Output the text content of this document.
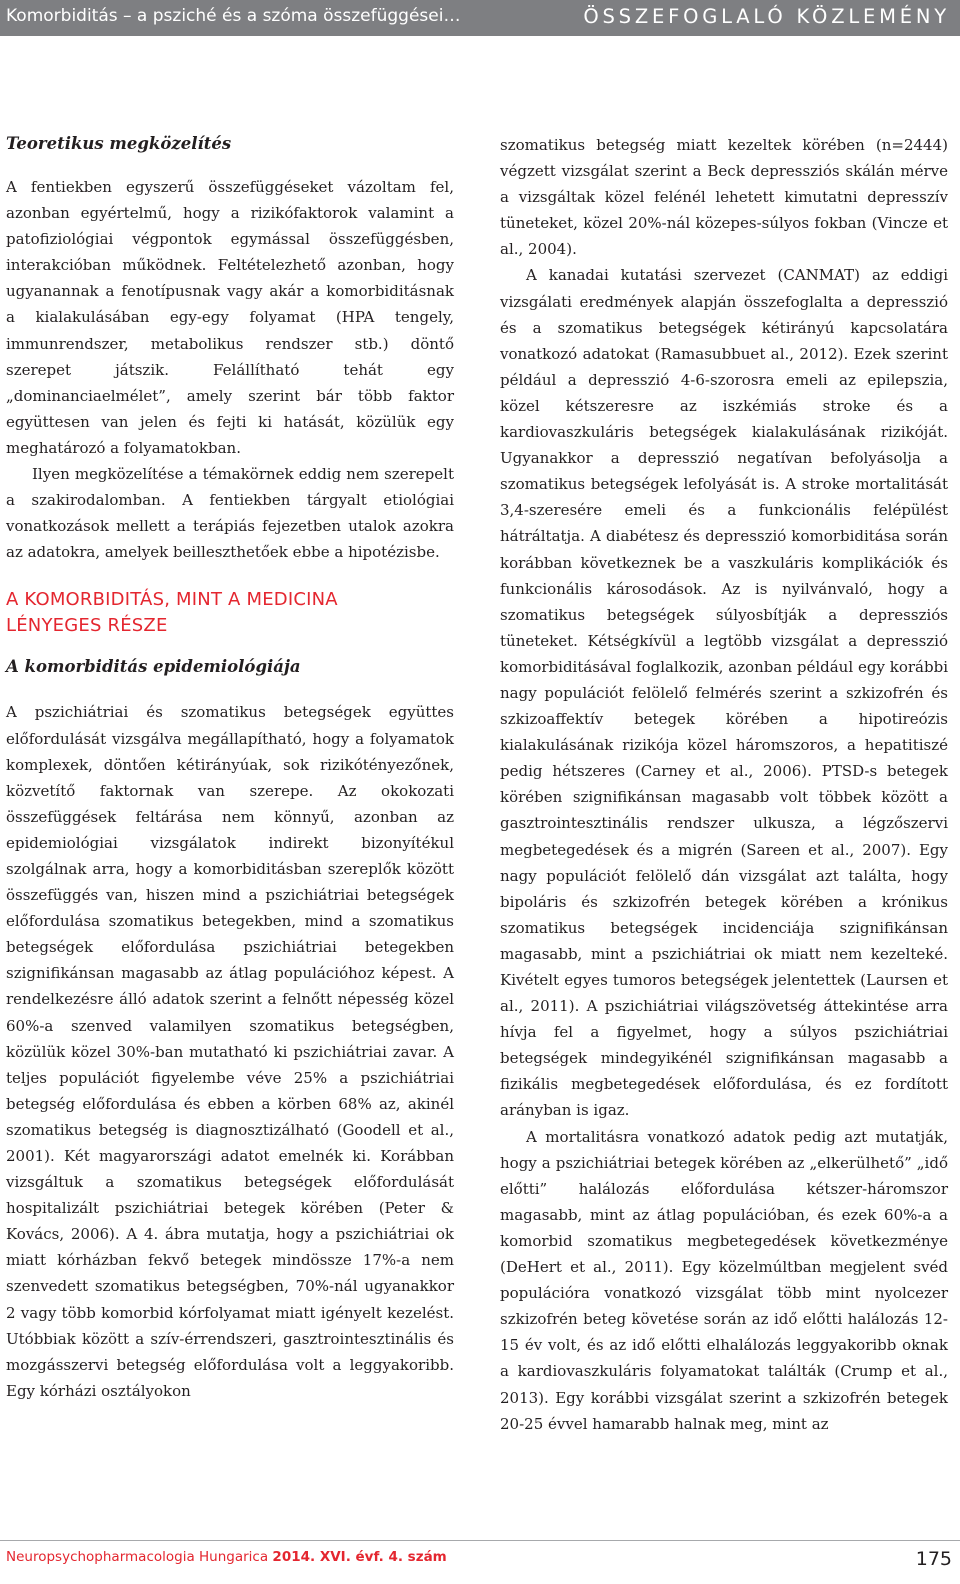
Komorbiditás – a psziché és a szóma összefüggései…	ÖSSZEFOGLALÓ KÖZLEMÉNY

Teoretikus megközelítés

A fentiekben egyszerű összefüggéseket vázoltam fel, azonban egyértelmű, hogy a rizikófaktorok valamint a patofiziológiai végpontok egymással összefüggésben, interakcióban működnek. Feltételezhető azonban, hogy ugyanannak a fenotípusnak vagy akár a komorbiditásnak a kialakulásában egy-egy folyamat (HPA tengely, immunrendszer, metabolikus rendszer stb.) döntő szerepet játszik. Felállítható tehát egy „dominanciaelmélet”, amely szerint bár több faktor együttesen van jelen és fejti ki hatását, közülük egy meghatározó a folyamatokban.

Ilyen megközelítése a témakörnek eddig nem szerepelt a szakirodalomban. A fentiekben tárgyalt etiológiai vonatkozások mellett a terápiás fejezetben utalok azokra az adatokra, amelyek beilleszthetőek ebbe a hipotézisbe.

A KOMORBIDITÁS, MINT A MEDICINA
LÉNYEGES RÉSZE

A komorbiditás epidemiológiája

A pszichiátriai és szomatikus betegségek együttes előfordulását vizsgálva megállapítható, hogy a folyamatok komplexek, döntően kétirányúak, sok rizikótényezőnek, közvetítő faktornak van szerepe. Az okokozati összefüggések feltárása nem könnyű, azonban az epidemiológiai vizsgálatok indirekt bizonyítékul szolgálnak arra, hogy a komorbiditásban szereplők között összefüggés van, hiszen mind a pszichiátriai betegségek előfordulása szomatikus betegekben, mind a szomatikus betegségek előfordulása pszichiátriai betegekben szignifikánsan magasabb az átlag populációhoz képest. A rendelkezésre álló adatok szerint a felnőtt népesség közel 60%-a szenved valamilyen szomatikus betegségben, közülük közel 30%-ban mutatható ki pszichiátriai zavar. A teljes populációt figyelembe véve 25% a pszichiátriai betegség előfordulása és ebben a körben 68% az, akinél szomatikus betegség is diagnosztizálható (Goodell et al., 2001). Két magyarországi adatot emelnék ki. Korábban vizsgáltuk a szomatikus betegségek előfordulását hospitalizált pszichiátriai betegek körében (Peter & Kovács, 2006). A 4. ábra mutatja, hogy a pszichiátriai ok miatt kórházban fekvő betegek mindössze 17%-a nem szenvedett szomatikus betegségben, 70%-nál ugyanakkor 2 vagy több komorbid kórfolyamat miatt igényelt kezelést. Utóbbiak között a szív-érrendszeri, gasztrointesztinális és mozgásszervi betegség előfordulása volt a leggyakoribb. Egy kórházi osztályokon

szomatikus betegség miatt kezeltek körében (n=2444) végzett vizsgálat szerint a Beck depressziós skálán mérve a vizsgáltak közel felénél lehetett kimutatni depresszív tüneteket, közel 20%-nál közepes-súlyos fokban (Vincze et al., 2004).

A kanadai kutatási szervezet (CANMAT) az eddigi vizsgálati eredmények alapján összefoglalta a depresszió és a szomatikus betegségek kétirányú kapcsolatára vonatkozó adatokat (Ramasubbuet al., 2012). Ezek szerint például a depresszió 4-6-szorosra emeli az epilepszia, közel kétszeresre az iszkémiás stroke és a kardiovaszkuláris betegségek kialakulásának rizikóját. Ugyanakkor a depresszió negatívan befolyásolja a szomatikus betegségek lefolyását is. A stroke mortalitását 3,4-szeresére emeli és a funkcionális felépülést hátráltatja. A diabétesz és depresszió komorbiditása során korábban következnek be a vaszkuláris komplikációk és funkcionális károsodások. Az is nyilvánvaló, hogy a szomatikus betegségek súlyosbítják a depressziós tüneteket. Kétségkívül a legtöbb vizsgálat a depresszió komorbiditásával foglalkozik, azonban például egy korábbi nagy populációt felölelő felmérés szerint a szkizofrén és szkizoaffektív betegek körében a hipotireózis kialakulásának rizikója közel háromszoros, a hepatitiszé pedig hétszeres (Carney et al., 2006). PTSD-s betegek körében szignifikánsan magasabb volt többek között a gasztrointesztinális rendszer ulkusza, a légzőszervi megbetegedések és a migrén (Sareen et al., 2007). Egy nagy populációt felölelő dán vizsgálat azt találta, hogy bipoláris és szkizofrén betegek körében a krónikus szomatikus betegségek incidenciája szignifikánsan magasabb, mint a pszichiátriai ok miatt nem kezelteké. Kivételt egyes tumoros betegségek jelentettek (Laursen et al., 2011). A pszichiátriai világszövetség áttekintése arra hívja fel a figyelmet, hogy a súlyos pszichiátriai betegségek mindegyikénél szignifikánsan magasabb a fizikális megbetegedések előfordulása, és ez fordított arányban is igaz.

A mortalitásra vonatkozó adatok pedig azt mutatják, hogy a pszichiátriai betegek körében az „elkerülhető” „idő előtti” halálozás előfordulása kétszer-háromszor magasabb, mint az átlag populációban, és ezek 60%-a a komorbid szomatikus megbetegedések következménye (DeHert et al., 2011). Egy közelmúltban megjelent svéd populációra vonatkozó vizsgálat több mint nyolcezer szkizofrén beteg követése során az idő előtti halálozás 12-15 év volt, és az idő előtti elhalálozás leggyakoribb oknak a kardiovaszkuláris folyamatokat találták (Crump et al., 2013). Egy korábbi vizsgálat szerint a szkizofrén betegek 20-25 évvel hamarabb halnak meg, mint az

Neuropsychopharmacologia Hungarica 2014. XVI. évf. 4. szám	175
